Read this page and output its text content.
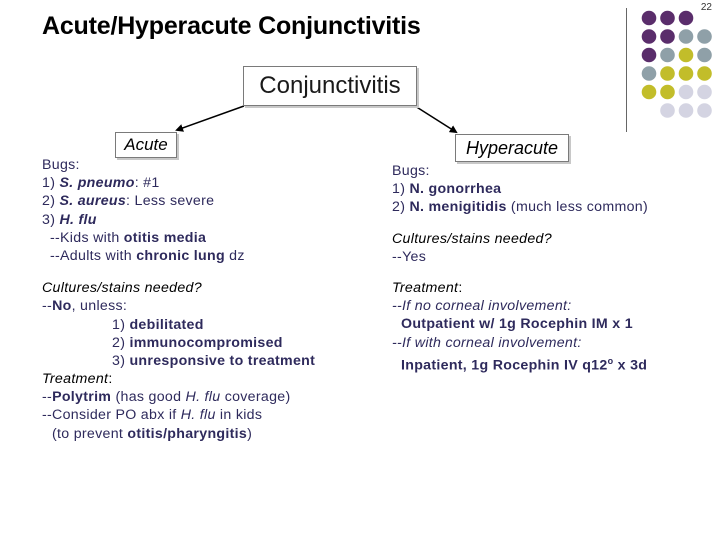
22
Acute/Hyperacute Conjunctivitis
Conjunctivitis
Acute	Hyperacute
Bugs:
1) S. pneumo: #1
2) S. aureus: Less severe
3) H. flu
--Kids with otitis media
--Adults with chronic lung dz
Cultures/stains needed?
--No, unless:
1) debilitated
2) immunocompromised
3) unresponsive to treatment
Treatment:
--Polytrim (has good H. flu coverage)
--Consider PO abx if H. flu in kids
(to prevent otitis/pharyngitis)
Bugs:
1) N. gonorrhea
2) N. menigitidis (much less common)
Cultures/stains needed?
--Yes
Treatment:
--If no corneal involvement:
Outpatient w/ 1g Rocephin IM x 1
--If with corneal involvement:
Inpatient, 1g Rocephin IV q12$^o$ x 3d
